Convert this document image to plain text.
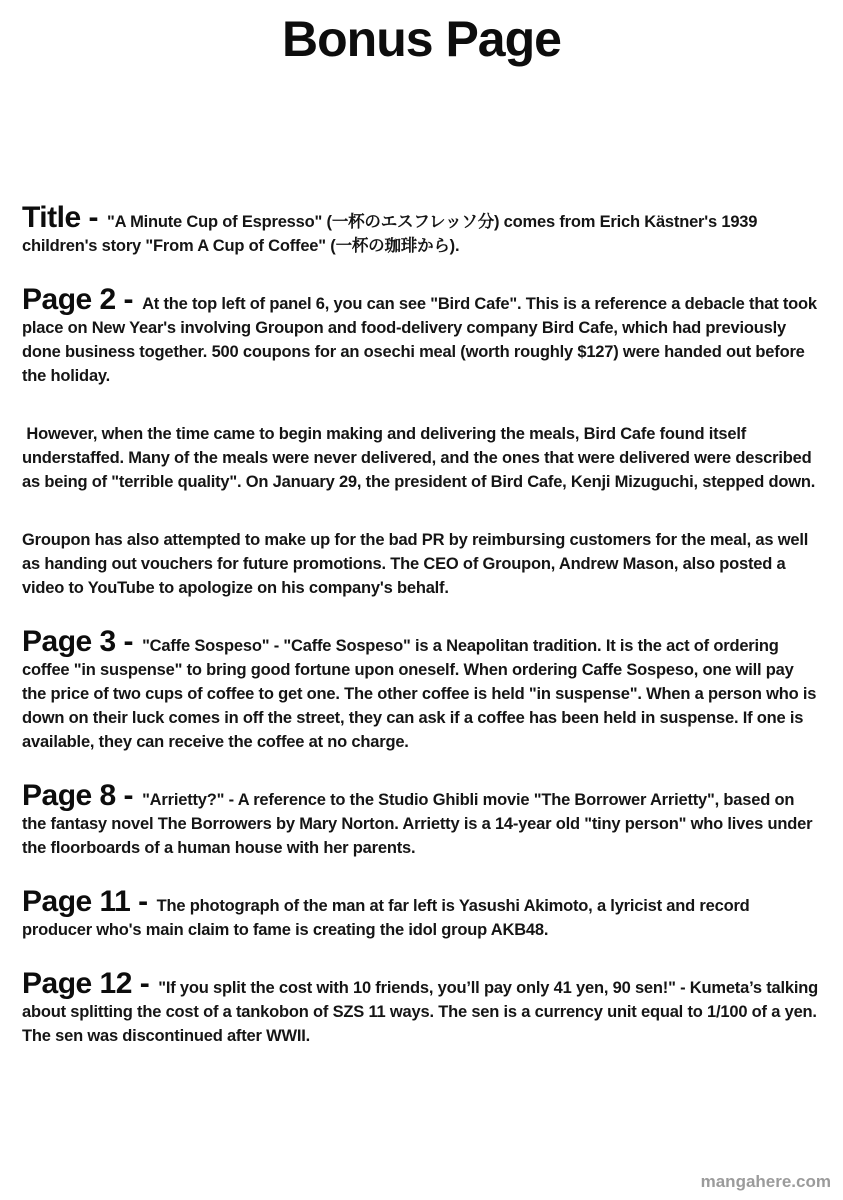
Bonus Page

Title - "A Minute Cup of Espresso" (一杯のエスフレッソ分) comes from Erich Kästner's 1939 children's story "From A Cup of Coffee" (一杯の珈琲から).

Page 2 - At the top left of panel 6, you can see "Bird Cafe". This is a reference a debacle that took place on New Year's involving Groupon and food-delivery company Bird Cafe, which had previously done business together. 500 coupons for an osechi meal (worth roughly $127) were handed out before the holiday.

However, when the time came to begin making and delivering the meals, Bird Cafe found itself understaffed. Many of the meals were never delivered, and the ones that were delivered were described as being of "terrible quality". On January 29, the president of Bird Cafe, Kenji Mizuguchi, stepped down.

Groupon has also attempted to make up for the bad PR by reimbursing customers for the meal, as well as handing out vouchers for future promotions. The CEO of Groupon, Andrew Mason, also posted a video to YouTube to apologize on his company's behalf.

Page 3 - "Caffe Sospeso" - "Caffe Sospeso" is a Neapolitan tradition. It is the act of ordering coffee "in suspense" to bring good fortune upon oneself. When ordering Caffe Sospeso, one will pay the price of two cups of coffee to get one. The other coffee is held "in suspense". When a person who is down on their luck comes in off the street, they can ask if a coffee has been held in suspense. If one is available, they can receive the coffee at no charge.

Page 8 - "Arrietty?" - A reference to the Studio Ghibli movie "The Borrower Arrietty", based on the fantasy novel The Borrowers by Mary Norton. Arrietty is a 14-year old "tiny person" who lives under the floorboards of a human house with her parents.

Page 11 - The photograph of the man at far left is Yasushi Akimoto, a lyricist and record producer who's main claim to fame is creating the idol group AKB48.

Page 12 - "If you split the cost with 10 friends, you’ll pay only 41 yen, 90 sen!" - Kumeta’s talking about splitting the cost of a tankobon of SZS 11 ways. The sen is a currency unit equal to 1/100 of a yen. The sen was discontinued after WWII.

mangahere.com
